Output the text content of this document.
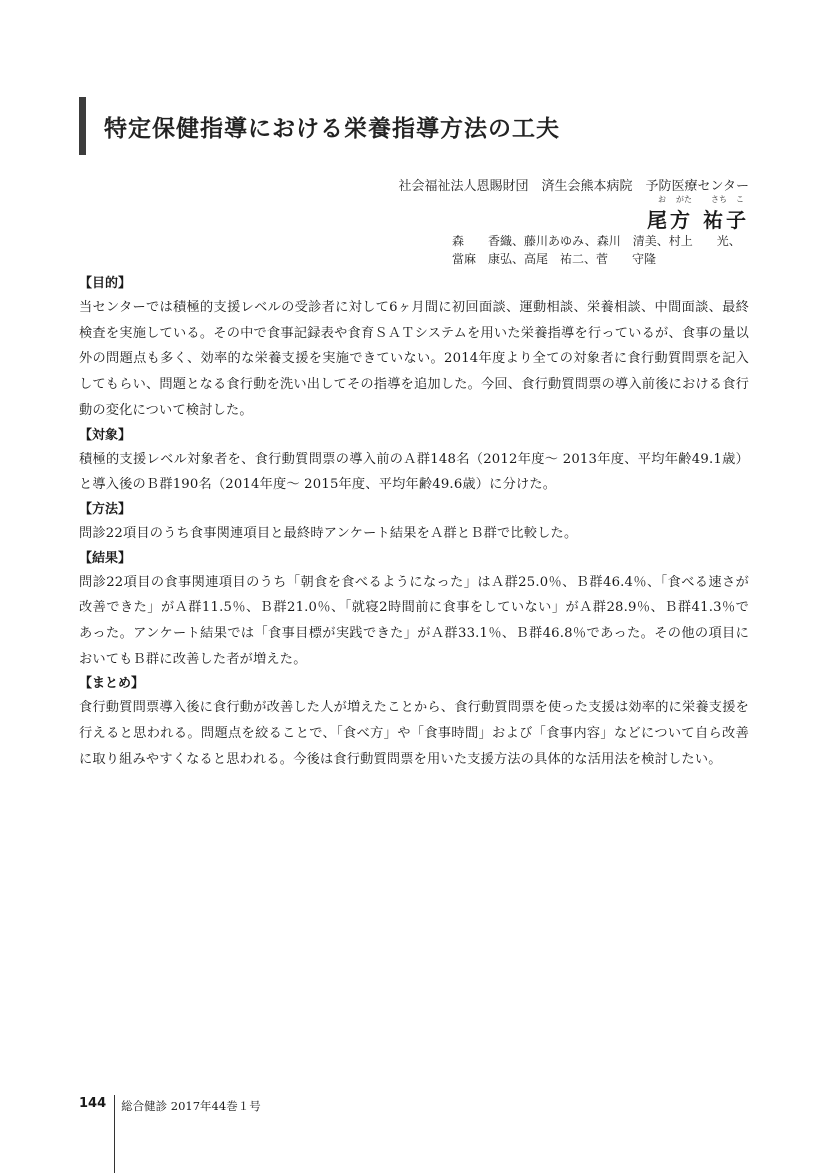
特定保健指導における栄養指導方法の工夫
社会福祉法人恩賜財団　済生会熊本病院　予防医療センター
お がた さち こ
尾方 祐子
森　　香織、藤川あゆみ、森川　清美、村上　　光、
當麻　康弘、高尾　祐二、菅　　守隆

【目的】

当センターでは積極的支援レベルの受診者に対して6ヶ月間に初回面談、運動相談、栄養相談、中間面談、最終検査を実施している。その中で食事記録表や食育ＳＡＴシステムを用いた栄養指導を行っているが、食事の量以外の問題点も多く、効率的な栄養支援を実施できていない。2014年度より全ての対象者に食行動質問票を記入してもらい、問題となる食行動を洗い出してその指導を追加した。今回、食行動質問票の導入前後における食行動の変化について検討した。

【対象】

積極的支援レベル対象者を、食行動質問票の導入前のＡ群148名（2012年度～ 2013年度、平均年齢49.1歳）と導入後のＢ群190名（2014年度～ 2015年度、平均年齢49.6歳）に分けた。

【方法】

問診22項目のうち食事関連項目と最終時アンケート結果をＡ群とＢ群で比較した。

【結果】

問診22項目の食事関連項目のうち「朝食を食べるようになった」はＡ群25.0％、Ｂ群46.4％、「食べる速さが改善できた」がＡ群11.5％、Ｂ群21.0％、「就寝2時間前に食事をしていない」がＡ群28.9％、Ｂ群41.3％であった。アンケート結果では「食事目標が実践できた」がＡ群33.1％、Ｂ群46.8％であった。その他の項目においてもＢ群に改善した者が増えた。

【まとめ】

食行動質問票導入後に食行動が改善した人が増えたことから、食行動質問票を使った支援は効率的に栄養支援を行えると思われる。問題点を絞ることで、「食べ方」や「食事時間」および「食事内容」などについて自ら改善に取り組みやすくなると思われる。今後は食行動質問票を用いた支援方法の具体的な活用法を検討したい。

144	総合健診 2017年44巻１号
